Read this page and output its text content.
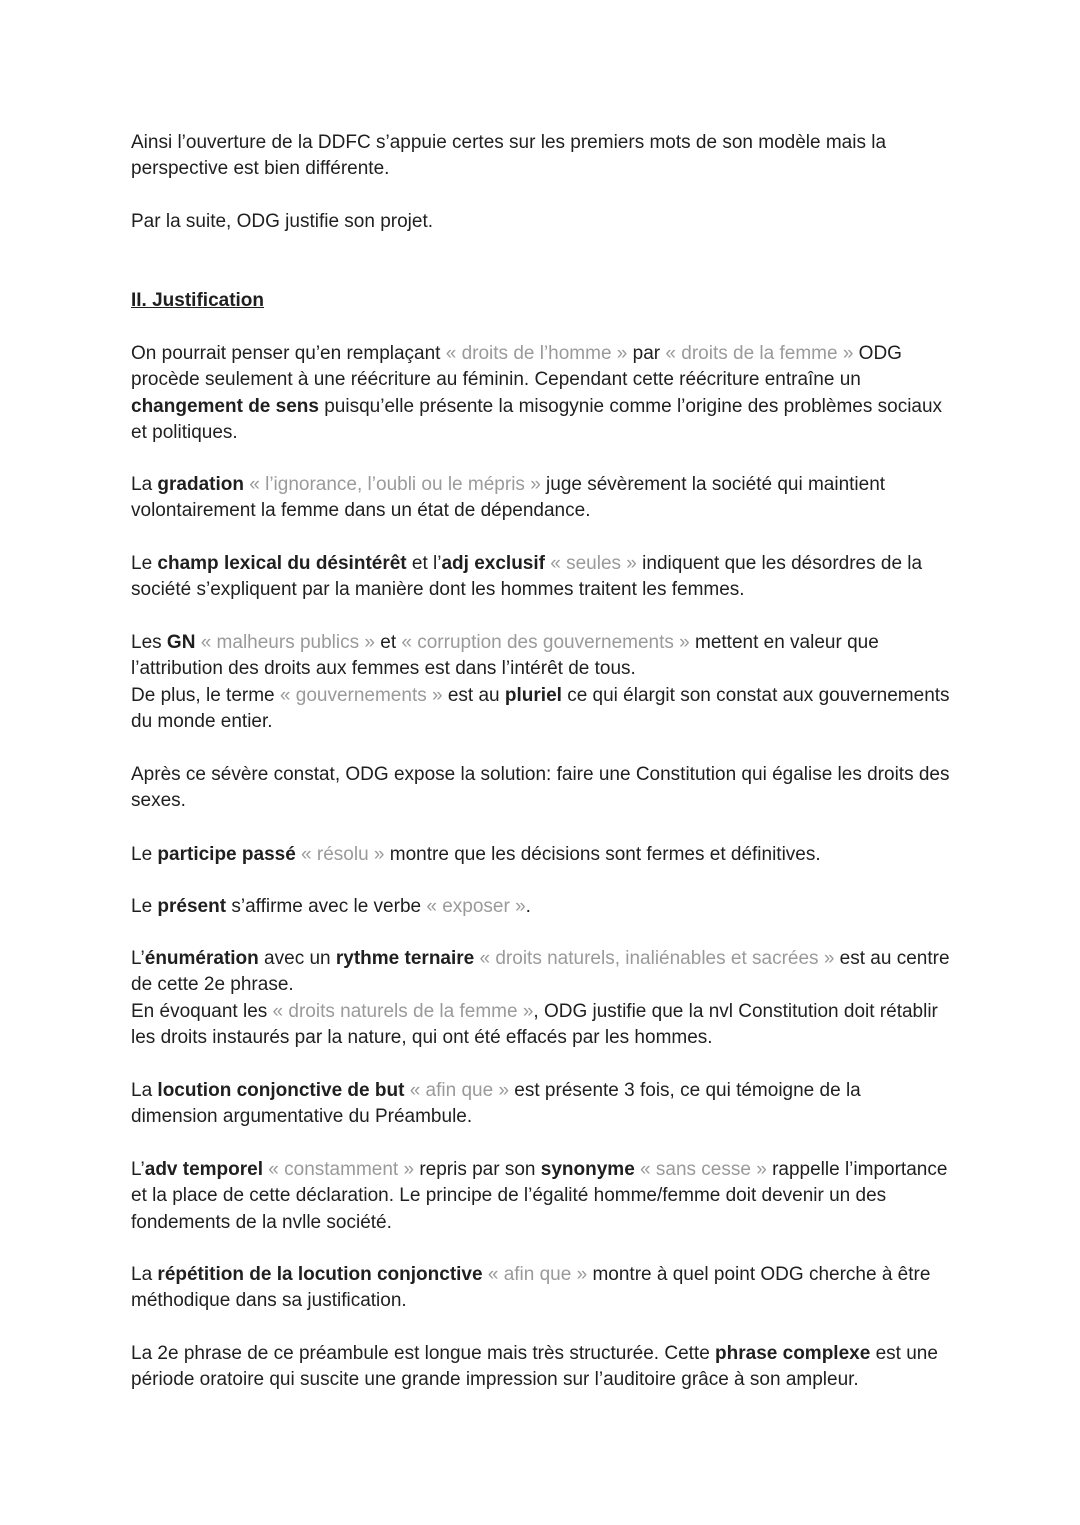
Ainsi l’ouverture de la DDFC s’appuie certes sur les premiers mots de son modèle mais la perspective est bien différente.

Par la suite, ODG justifie son projet.

II. Justification

On pourrait penser qu’en remplaçant « droits de l’homme » par « droits de la femme » ODG procède seulement à une réécriture au féminin. Cependant cette réécriture entraîne un changement de sens puisqu’elle présente la misogynie comme l’origine des problèmes sociaux et politiques.

La gradation « l’ignorance, l’oubli ou le mépris » juge sévèrement la société qui maintient volontairement la femme dans un état de dépendance.

Le champ lexical du désintérêt et l’adj exclusif « seules » indiquent que les désordres de la société s’expliquent par la manière dont les hommes traitent les femmes.

Les GN « malheurs publics » et « corruption des gouvernements » mettent en valeur que l’attribution des droits aux femmes est dans l’intérêt de tous.
De plus, le terme « gouvernements » est au pluriel ce qui élargit son constat aux gouvernements du monde entier.

Après ce sévère constat, ODG expose la solution: faire une Constitution qui égalise les droits des sexes.

Le participe passé « résolu » montre que les décisions sont fermes et définitives.

Le présent s’affirme avec le verbe « exposer ».

L’énumération avec un rythme ternaire « droits naturels, inaliénables et sacrées » est au centre de cette 2e phrase.
En évoquant les « droits naturels de la femme », ODG justifie que la nvl Constitution doit rétablir les droits instaurés par la nature, qui ont été effacés par les hommes.

La locution conjonctive de but « afin que » est présente 3 fois, ce qui témoigne de la dimension argumentative du Préambule.

L’adv temporel « constamment » repris par son synonyme « sans cesse » rappelle l’importance et la place de cette déclaration. Le principe de l’égalité homme/femme doit devenir un des fondements de la nvlle société.

La répétition de la locution conjonctive « afin que » montre à quel point ODG cherche à être méthodique dans sa justification.

La 2e phrase de ce préambule est longue mais très structurée. Cette phrase complexe est une période oratoire qui suscite une grande impression sur l’auditoire grâce à son ampleur.
